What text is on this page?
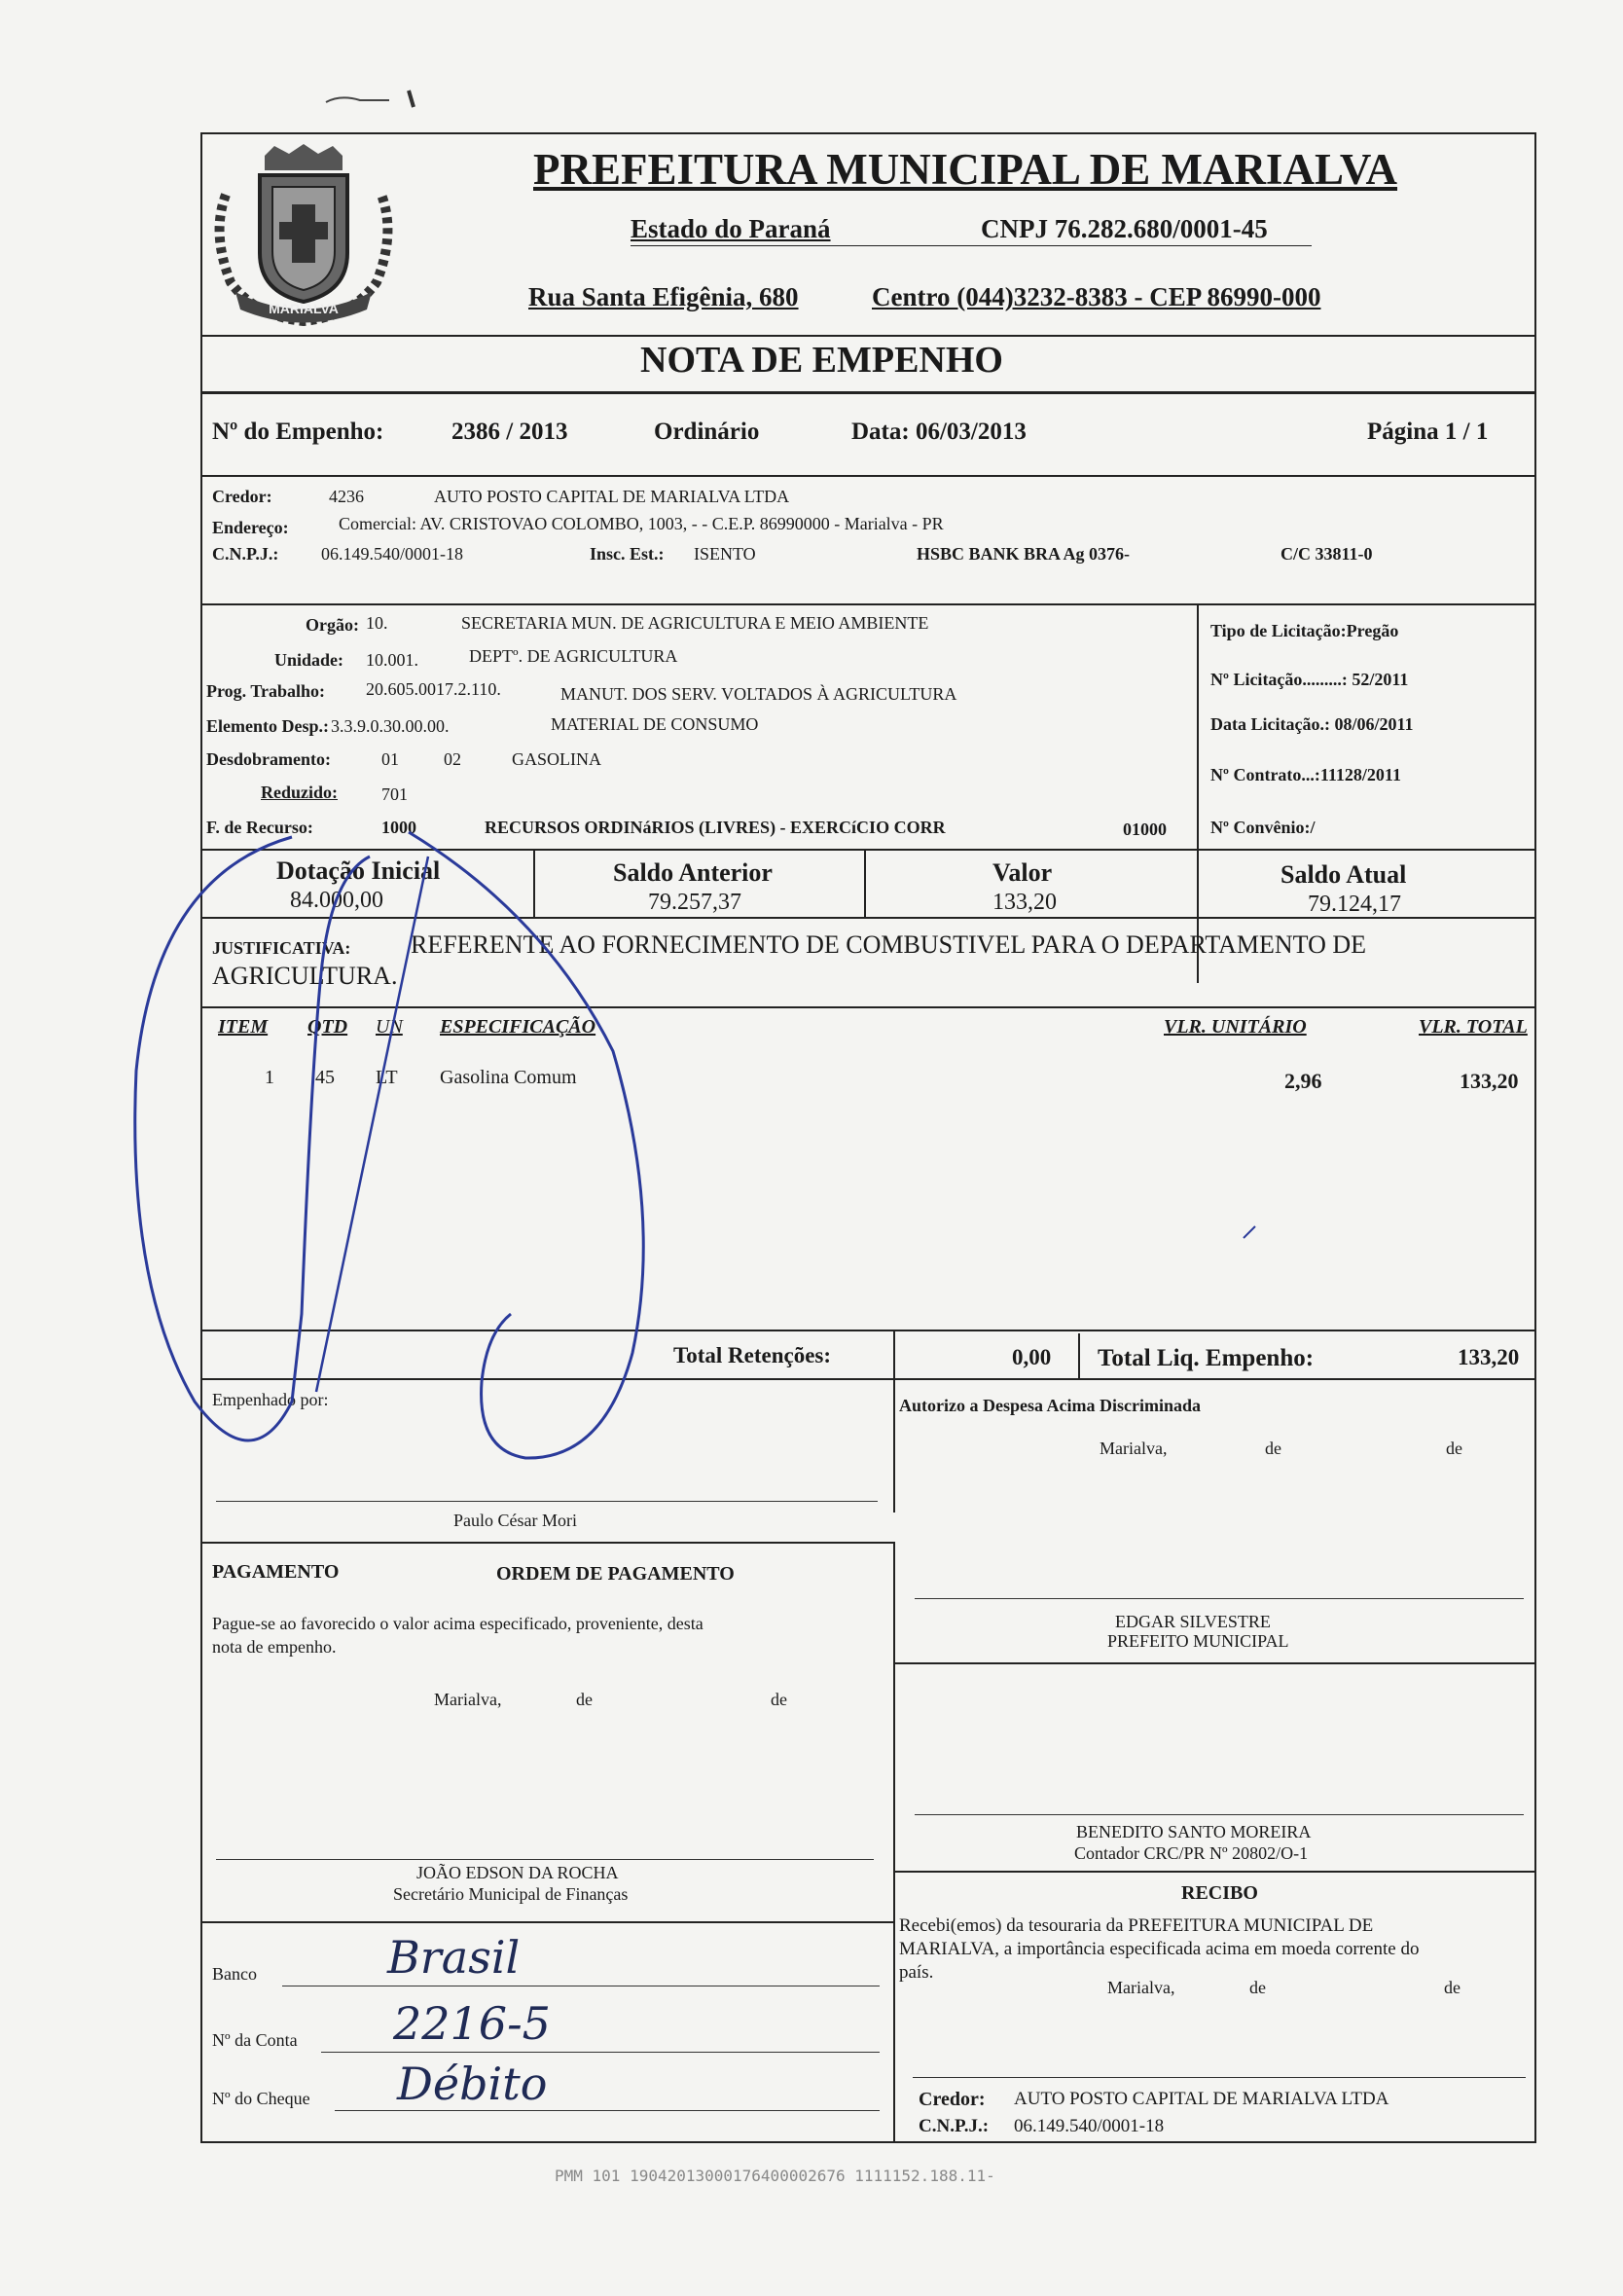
MARIALVA
PREFEITURA MUNICIPAL DE MARIALVA
Estado do Paraná	CNPJ 76.282.680/0001-45
Rua Santa Efigênia, 680	Centro (044)3232-8383 - CEP 86990-000
NOTA DE EMPENHO
Nº do Empenho:	2386 / 2013	Ordinário	Data: 06/03/2013	Página 1 / 1
Credor:	4236	AUTO POSTO CAPITAL DE MARIALVA LTDA
Endereço:	Comercial: AV. CRISTOVAO COLOMBO, 1003, - - C.E.P. 86990000 - Marialva - PR
C.N.P.J.: 06.149.540/0001-18	Insc. Est.: ISENTO	HSBC BANK BRA Ag 0376-	C/C 33811-0
Orgão: 10.	SECRETARIA MUN. DE AGRICULTURA E MEIO AMBIENTE
Unidade: 10.001.	DEPTº. DE AGRICULTURA
Prog. Trabalho: 20.605.0017.2.110.	MANUT. DOS SERV. VOLTADOS À AGRICULTURA
Elemento Desp.: 3.3.9.0.30.00.00.	MATERIAL DE CONSUMO
Desdobramento:	01	02	GASOLINA
Reduzido: 701
F. de Recurso:	1000	RECURSOS ORDINáRIOS (LIVRES) - EXERCíCIO CORR	01000
Tipo de Licitação:Pregão
Nº Licitação.........: 52/2011
Data Licitação.: 08/06/2011
Nº Contrato...:11128/2011
Nº Convênio:/
Dotação Inicial
84.000,00
Saldo Anterior
79.257,37
Valor
133,20
Saldo Atual
79.124,17
JUSTIFICATIVA: REFERENTE AO FORNECIMENTO DE COMBUSTIVEL PARA O DEPARTAMENTO DE
AGRICULTURA.
ITEM QTD UN ESPECIFICAÇÃO	VLR. UNITÁRIO	VLR. TOTAL
1 45 LT Gasolina Comum	2,96	133,20
Total Retenções:	0,00 Total Liq. Empenho:	133,20
Empenhado por:
Paulo César Mori
Autorizo a Despesa Acima Discriminada
Marialva,	de	de
PAGAMENTO	ORDEM DE PAGAMENTO
Pague-se ao favorecido o valor acima especificado, proveniente, desta
nota de empenho.
Marialva,	de	de
EDGAR SILVESTRE
PREFEITO MUNICIPAL
BENEDITO SANTO MOREIRA
Contador CRC/PR Nº 20802/O-1
JOÃO EDSON DA ROCHA
Secretário Municipal de Finanças	RECIBO
Recebi(emos) da tesouraria da PREFEITURA MUNICIPAL DE
MARIALVA, a importância especificada acima em moeda corrente do
país.
Marialva,	de	de
Credor: AUTO POSTO CAPITAL DE MARIALVA LTDA
C.N.P.J.: 06.149.540/0001-18
Banco	Brasil
Nº da Conta 2216-5
Nº do Cheque Débito
PMM 101 19042013000176400002676 1111152.188.11-
